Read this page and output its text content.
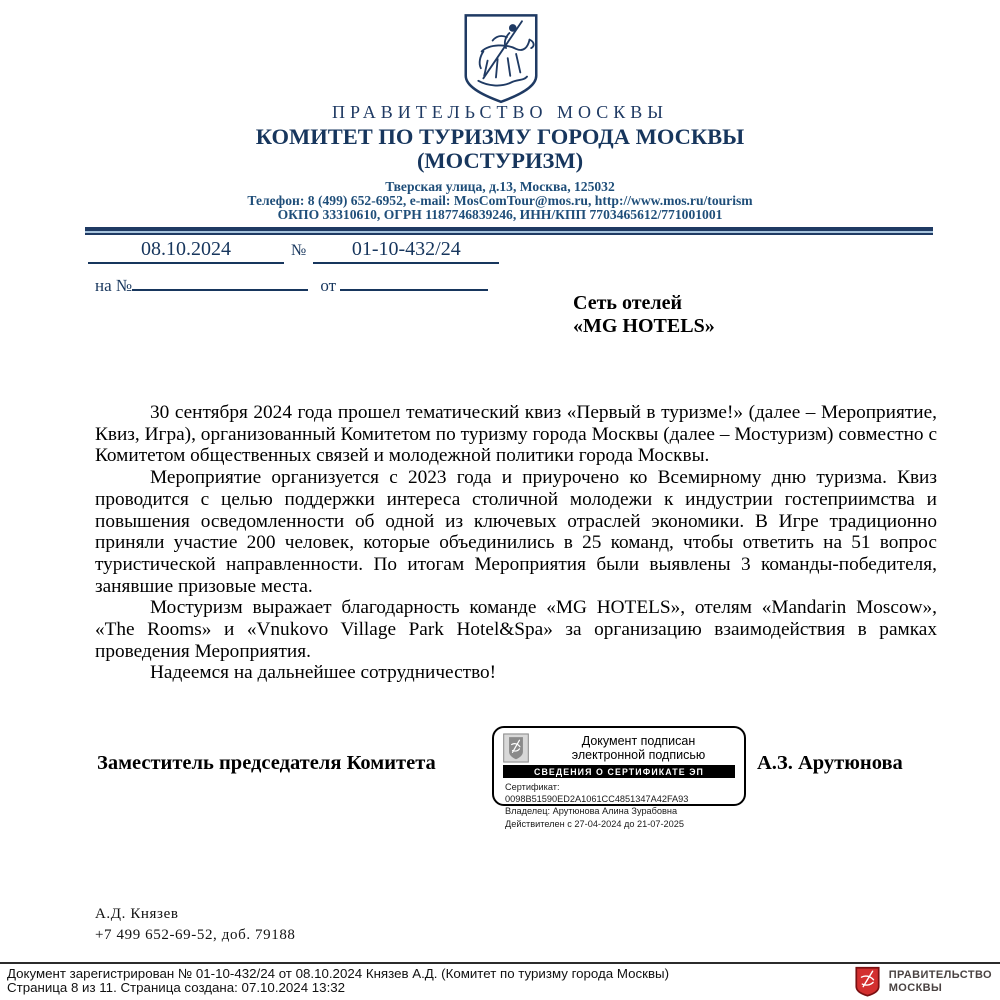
ПРАВИТЕЛЬСТВО МОСКВЫ
КОМИТЕТ ПО ТУРИЗМУ ГОРОДА МОСКВЫ
(МОСТУРИЗМ)
Тверская улица, д.13, Москва, 125032
Телефон: 8 (499) 652-6952, e-mail: MosComTour@mos.ru, http://www.mos.ru/tourism
ОКПО 33310610, ОГРН 1187746839246, ИНН/КПП 7703465612/771001001
08.10.2024	№ 01-10-432/24
на №	от
Сеть отелей
«MG HOTELS»

30 сентября 2024 года прошел тематический квиз «Первый в туризме!» (далее – Мероприятие, Квиз, Игра), организованный Комитетом по туризму города Москвы (далее – Мостуризм) совместно с Комитетом общественных связей и молодежной политики города Москвы.

Мероприятие организуется с 2023 года и приурочено ко Всемирному дню туризма. Квиз проводится с целью поддержки интереса столичной молодежи к индустрии гостеприимства и повышения осведомленности об одной из ключевых отраслей экономики. В Игре традиционно приняли участие 200 человек, которые объединились в 25 команд, чтобы ответить на 51 вопрос туристической направленности. По итогам Мероприятия были выявлены 3 команды-победителя, занявшие призовые места.

Мостуризм выражает благодарность команде «MG HOTELS», отелям «Mandarin Moscow», «The Rooms» и «Vnukovo Village Park Hotel&Spa» за организацию взаимодействия в рамках проведения Мероприятия.

Надеемся на дальнейшее сотрудничество!

Заместитель председателя Комитета
Документ подписан
электронной подписью
СВЕДЕНИЯ О СЕРТИФИКАТЕ ЭП
Сертификат: 0098B51590ED2A1061CC4851347A42FA93
Владелец: Арутюнова Алина Зурабовна
Действителен с 27-04-2024 до 21-07-2025
А.З. Арутюнова
А.Д. Князев
+7 499 652-69-52, доб. 79188
Документ зарегистрирован № 01-10-432/24 от 08.10.2024 Князев А.Д. (Комитет по туризму города Москвы)
Страница 8 из 11. Страница создана: 07.10.2024 13:32
ПРАВИТЕЛЬСТВО
МОСКВЫ
